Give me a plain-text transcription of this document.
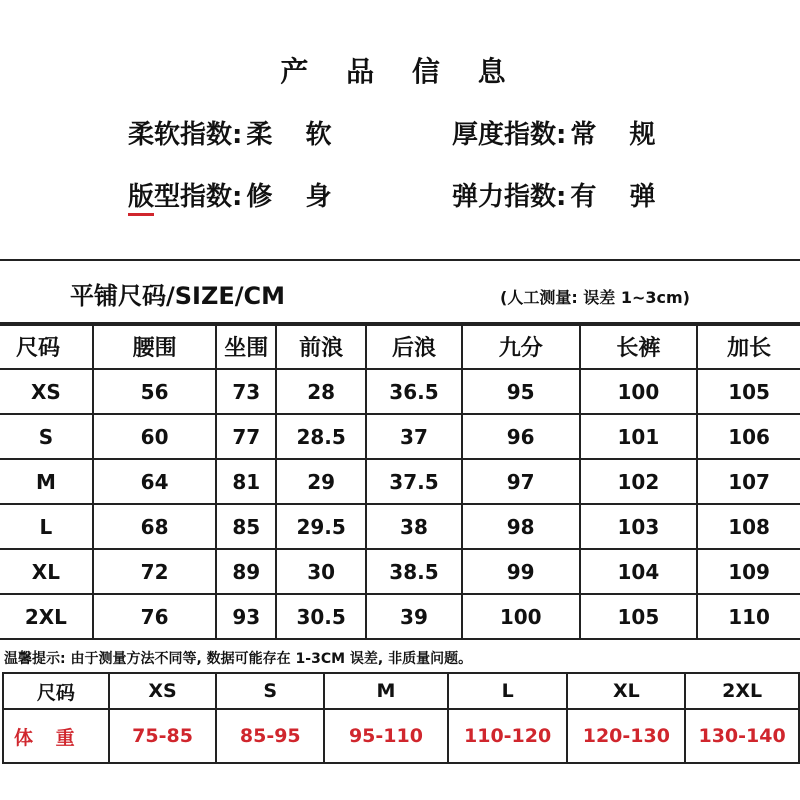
产 品 信 息
柔软指数: 柔 软	厚度指数: 常 规
版型指数: 修 身	弹力指数: 有 弹
平铺尺码/SIZE/CM	(人工测量: 误差 1~3cm)
尺码	腰围	坐围	前浪	后浪	九分	长裤	加长
XS	56	73	28	36.5	95	100	105
S	60	77	28.5	37	96	101	106
M	64	81	29	37.5	97	102	107
L	68	85	29.5	38	98	103	108
XL	72	89	30	38.5	99	104	109
2XL	76	93	30.5	39	100	105	110
温馨提示: 由于测量方法不同等, 数据可能存在 1-3CM 误差, 非质量问题。
尺码	XS	S	M	L	XL	2XL
体 重	75-85	85-95	95-110	110-120	120-130	130-140
